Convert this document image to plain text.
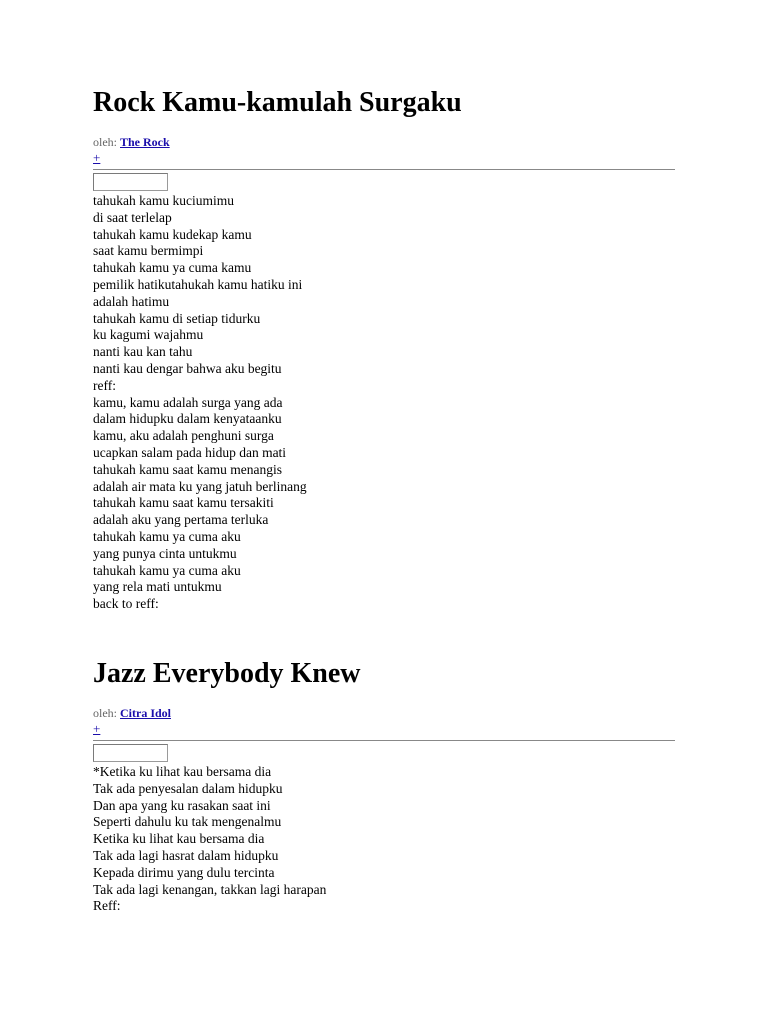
Rock Kamu-kamulah Surgaku
oleh: The Rock
+
tahukah kamu kuciumimu
di saat terlelap
tahukah kamu kudekap kamu
saat kamu bermimpi
tahukah kamu ya cuma kamu
pemilik hatikutahukah kamu hatiku ini
adalah hatimu
tahukah kamu di setiap tidurku
ku kagumi wajahmu
nanti kau kan tahu
nanti kau dengar bahwa aku begitu
reff:
kamu, kamu adalah surga yang ada
dalam hidupku dalam kenyataanku
kamu, aku adalah penghuni surga
ucapkan salam pada hidup dan mati
tahukah kamu saat kamu menangis
adalah air mata ku yang jatuh berlinang
tahukah kamu saat kamu tersakiti
adalah aku yang pertama terluka
tahukah kamu ya cuma aku
yang punya cinta untukmu
tahukah kamu ya cuma aku
yang rela mati untukmu
back to reff:
Jazz Everybody Knew
oleh: Citra Idol
+
*Ketika ku lihat kau bersama dia
Tak ada penyesalan dalam hidupku
Dan apa yang ku rasakan saat ini
Seperti dahulu ku tak mengenalmu
Ketika ku lihat kau bersama dia
Tak ada lagi hasrat dalam hidupku
Kepada dirimu yang dulu tercinta
Tak ada lagi kenangan, takkan lagi harapan
Reff:
